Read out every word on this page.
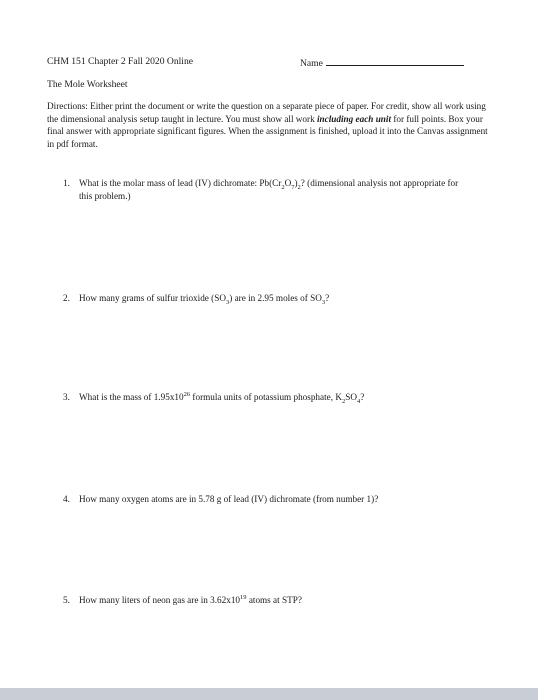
CHM 151 Chapter 2 Fall 2020 Online	Name
The Mole Worksheet
Directions: Either print the document or write the question on a separate piece of paper. For credit, show all work using the dimensional analysis setup taught in lecture. You must show all work including each unit for full points. Box your final answer with appropriate significant figures. When the assignment is finished, upload it into the Canvas assignment in pdf format.
1. What is the molar mass of lead (IV) dichromate: $Pb(Cr_2O_7)_2$? (dimensional analysis not appropriate for this problem.)
2. How many grams of sulfur trioxide $(SO_3)$ are in 2.95 moles of $SO_3$?
3. What is the mass of $1.95x10^{26}$ formula units of potassium phosphate, $K_2SO_4$?
4. How many oxygen atoms are in 5.78 g of lead (IV) dichromate (from number 1)?
5. How many liters of neon gas are in $3.62x10^{19}$ atoms at STP?
